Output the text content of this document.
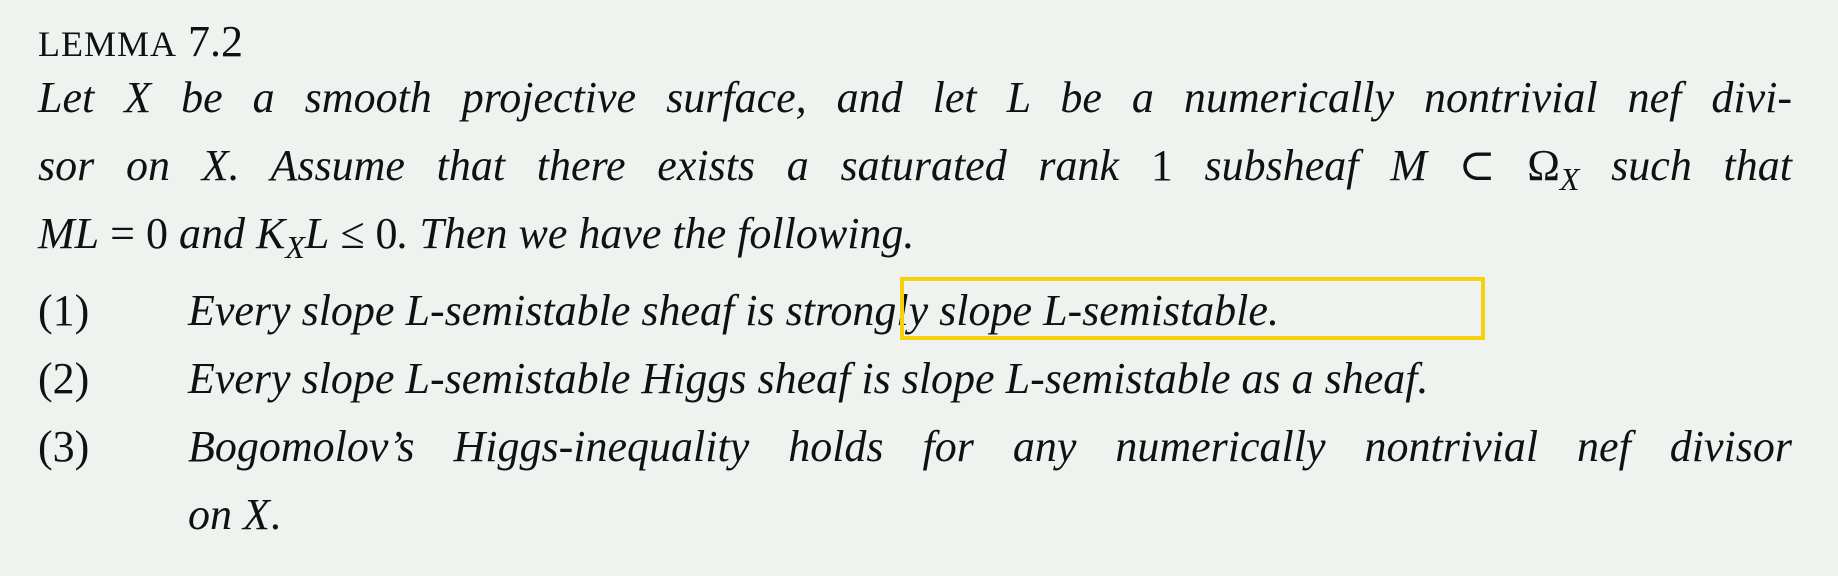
LEMMA 7.2
Let X be a smooth projective surface, and let L be a numerically nontrivial nef divi-
sor on X. Assume that there exists a saturated rank 1 subsheaf M ⊂ $\Omega_X$ such that
ML = 0 and $K_XL \le 0$. Then we have the following.
(1) Every slope L-semistable sheaf is strongly slope L-semistable.
(2) Every slope L-semistable Higgs sheaf is slope L-semistable as a sheaf.
(3) Bogomolov’s Higgs-inequality holds for any numerically nontrivial nef divisor
on X.
